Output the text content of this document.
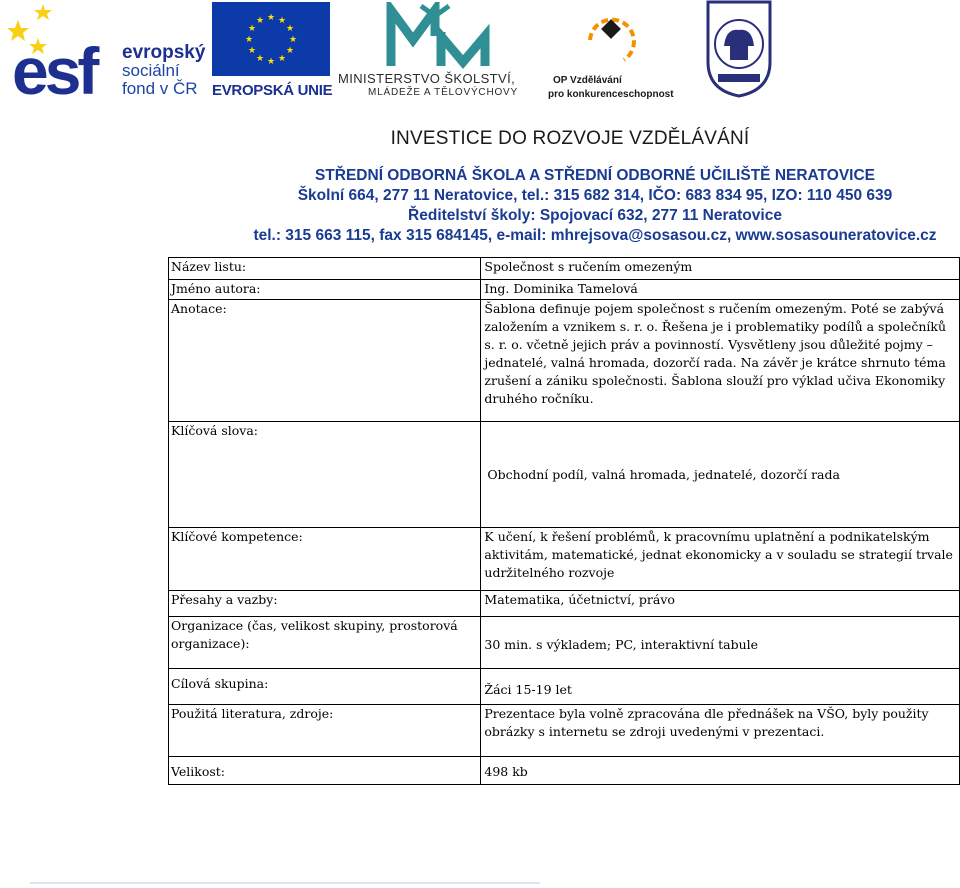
esf evropský
sociální
fond v ČR
★ ★
★
★
★
★
★
★
★
★
★
★
EVROPSKÁ UNIE
MINISTERSTVO ŠKOLSTVÍ,
MLÁDEŽE A TĚLOVÝCHOVY
OP Vzdělávání
pro konkurenceschopnost
INVESTICE DO ROZVOJE VZDĚLÁVÁNÍ
STŘEDNÍ ODBORNÁ ŠKOLA A STŘEDNÍ ODBORNÉ UČILIŠTĚ NERATOVICE
Školní 664, 277 11 Neratovice, tel.: 315 682 314, IČO: 683 834 95, IZO: 110 450 639
Ředitelství školy: Spojovací 632, 277 11 Neratovice
tel.: 315 663 115, fax 315 684145, e-mail: mhrejsova@sosasou.cz, www.sosasouneratovice.cz
Název listu:	Společnost s ručením omezeným
Jméno autora:	Ing. Dominika Tamelová
Anotace:	Šablona definuje pojem společnost s ručením omezeným. Poté se zabývá založením a vznikem s. r. o. Řešena je i problematiky podílů a společníků s. r. o. včetně jejich práv a povinností. Vysvětleny jsou důležité pojmy – jednatelé, valná hromada, dozorčí rada. Na závěr je krátce shrnuto téma zrušení a zániku společnosti. Šablona slouží pro výklad učiva Ekonomiky druhého ročníku.
Klíčová slova:	Obchodní podíl, valná hromada, jednatelé, dozorčí rada

Klíčové kompetence:	K učení, k řešení problémů, k pracovnímu uplatnění a podnikatelským aktivitám, matematické, jednat ekonomicky a v souladu se strategií trvale udržitelného rozvoje
Přesahy a vazby:	Matematika, účetnictví, právo
Organizace (čas, velikost skupiny, prostorová organizace):	30 min. s výkladem; PC, interaktivní tabule
Cílová skupina:	Žáci 15-19 let
Použitá literatura, zdroje:	Prezentace byla volně zpracována dle přednášek na VŠO, byly použity obrázky s internetu se zdroji uvedenými v prezentaci.
Velikost:	498 kb
